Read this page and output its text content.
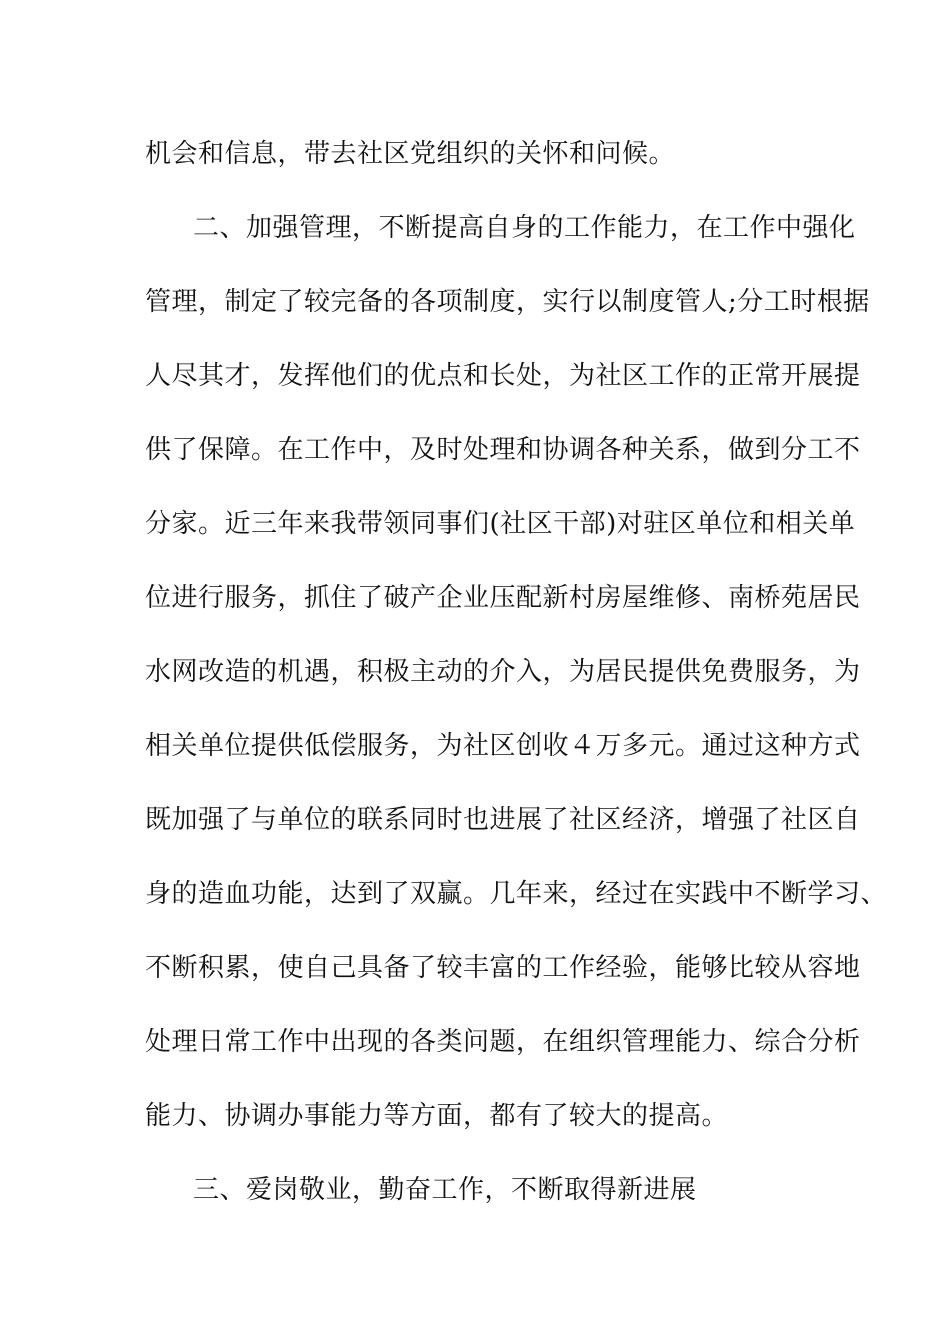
机会和信息，带去社区党组织的关怀和问候。
二、加强管理，不断提高自身的工作能力，在工作中强化
管理，制定了较完备的各项制度，实行以制度管人;分工时根据
人尽其才，发挥他们的优点和长处，为社区工作的正常开展提
供了保障。在工作中，及时处理和协调各种关系，做到分工不
分家。近三年来我带领同事们(社区干部)对驻区单位和相关单
位进行服务，抓住了破产企业压配新村房屋维修、南桥苑居民
水网改造的机遇，积极主动的介入，为居民提供免费服务，为
相关单位提供低偿服务，为社区创收４万多元。通过这种方式
既加强了与单位的联系同时也进展了社区经济，增强了社区自
身的造血功能，达到了双赢。几年来，经过在实践中不断学习、
不断积累，使自己具备了较丰富的工作经验，能够比较从容地
处理日常工作中出现的各类问题，在组织管理能力、综合分析
能力、协调办事能力等方面，都有了较大的提高。
三、爱岗敬业，勤奋工作，不断取得新进展
